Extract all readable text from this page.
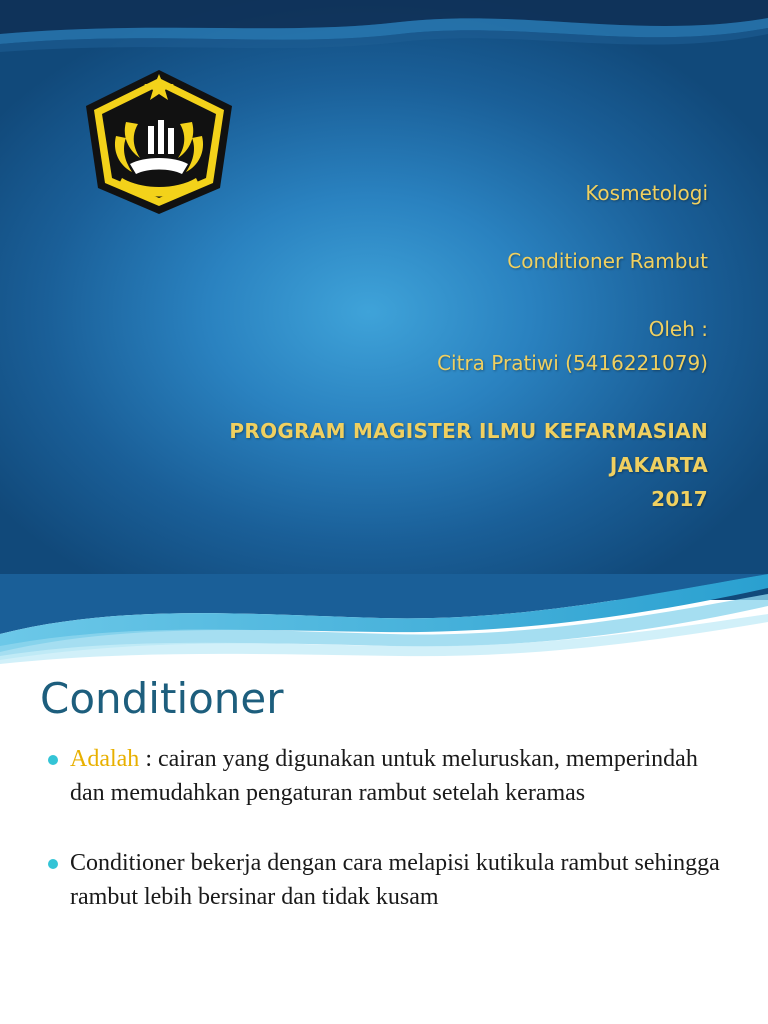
Kosmetologi
Conditioner Rambut
Oleh :
Citra Pratiwi (5416221079)
PROGRAM MAGISTER ILMU KEFARMASIAN
JAKARTA
2017
Conditioner
Adalah : cairan yang digunakan untuk meluruskan, memperindah dan memudahkan pengaturan rambut setelah keramas
Conditioner bekerja dengan cara melapisi kutikula rambut sehingga rambut lebih bersinar dan tidak kusam
